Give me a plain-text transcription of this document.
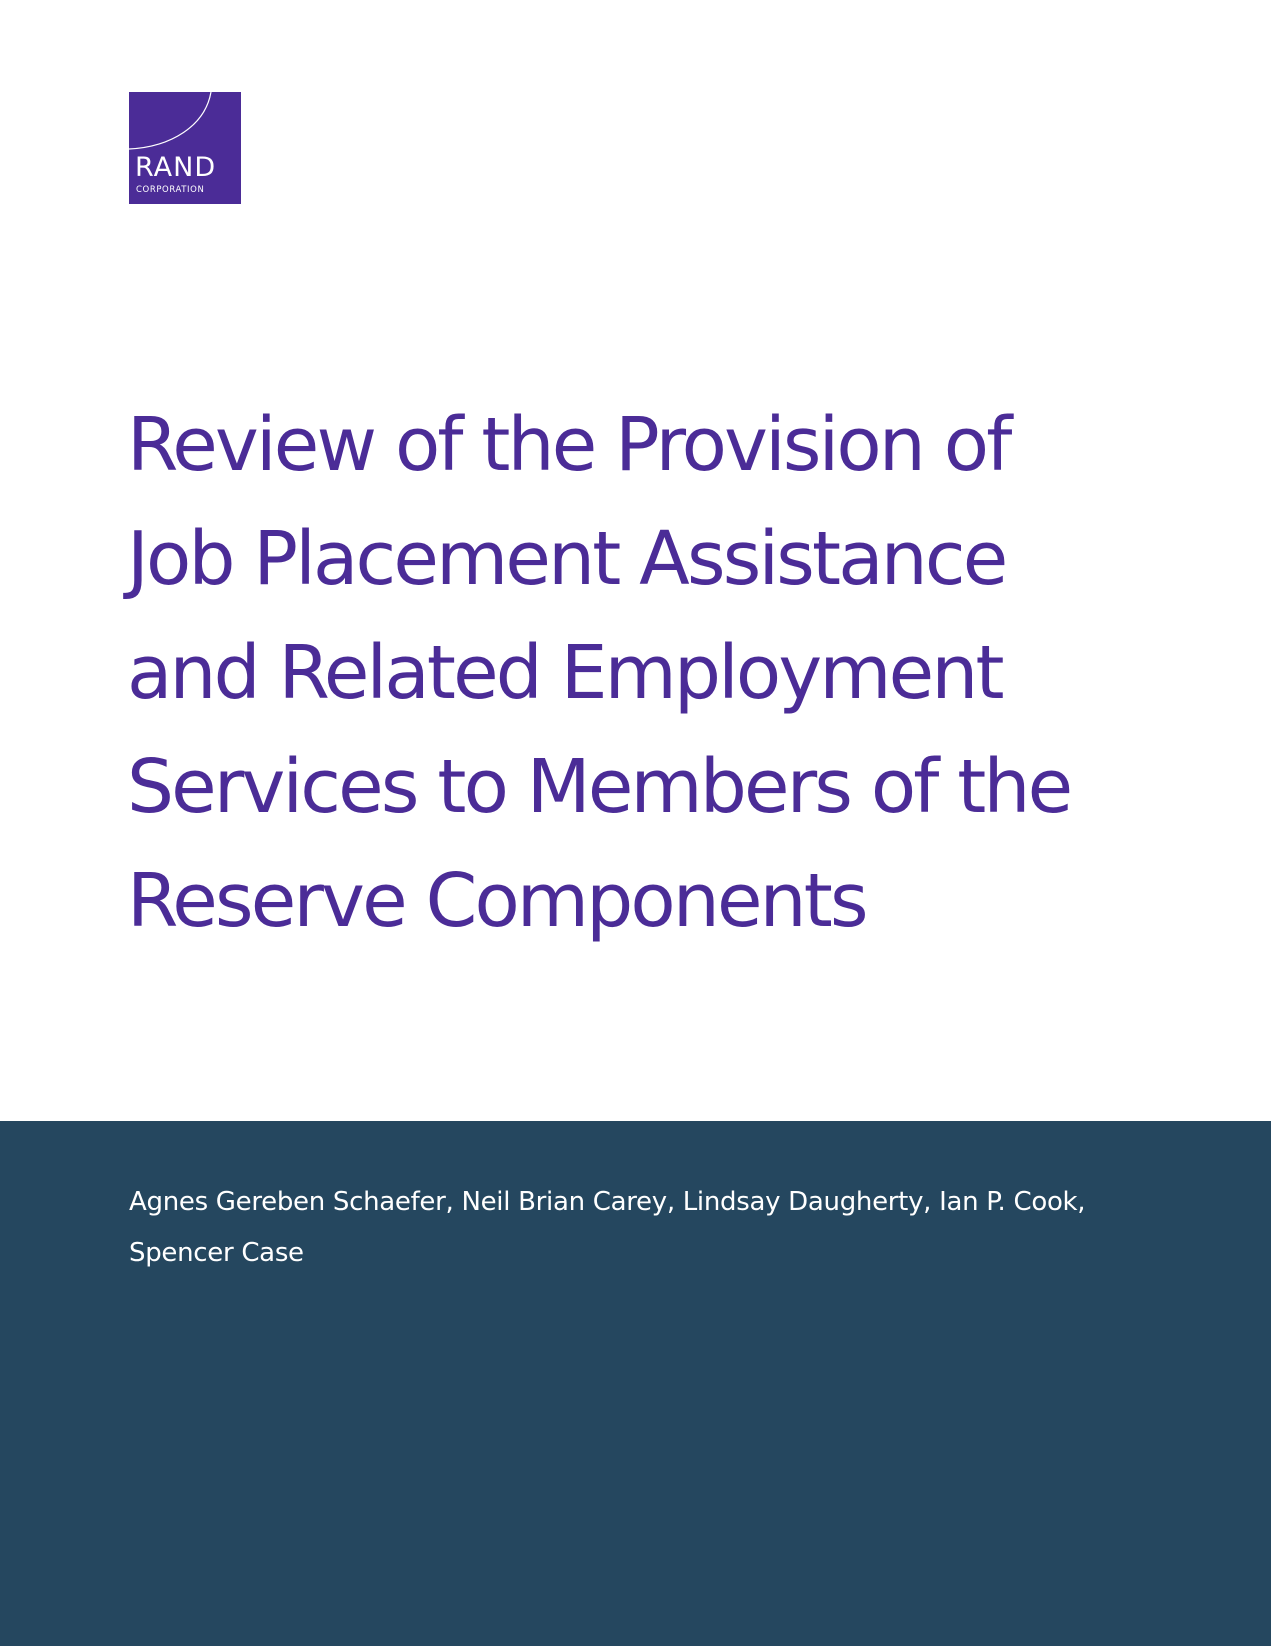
RAND
CORPORATION
Review of the Provision of
Job Placement Assistance
and Related Employment
Services to Members of the
Reserve Components
Agnes Gereben Schaefer, Neil Brian Carey, Lindsay Daugherty, Ian P. Cook,
Spencer Case
